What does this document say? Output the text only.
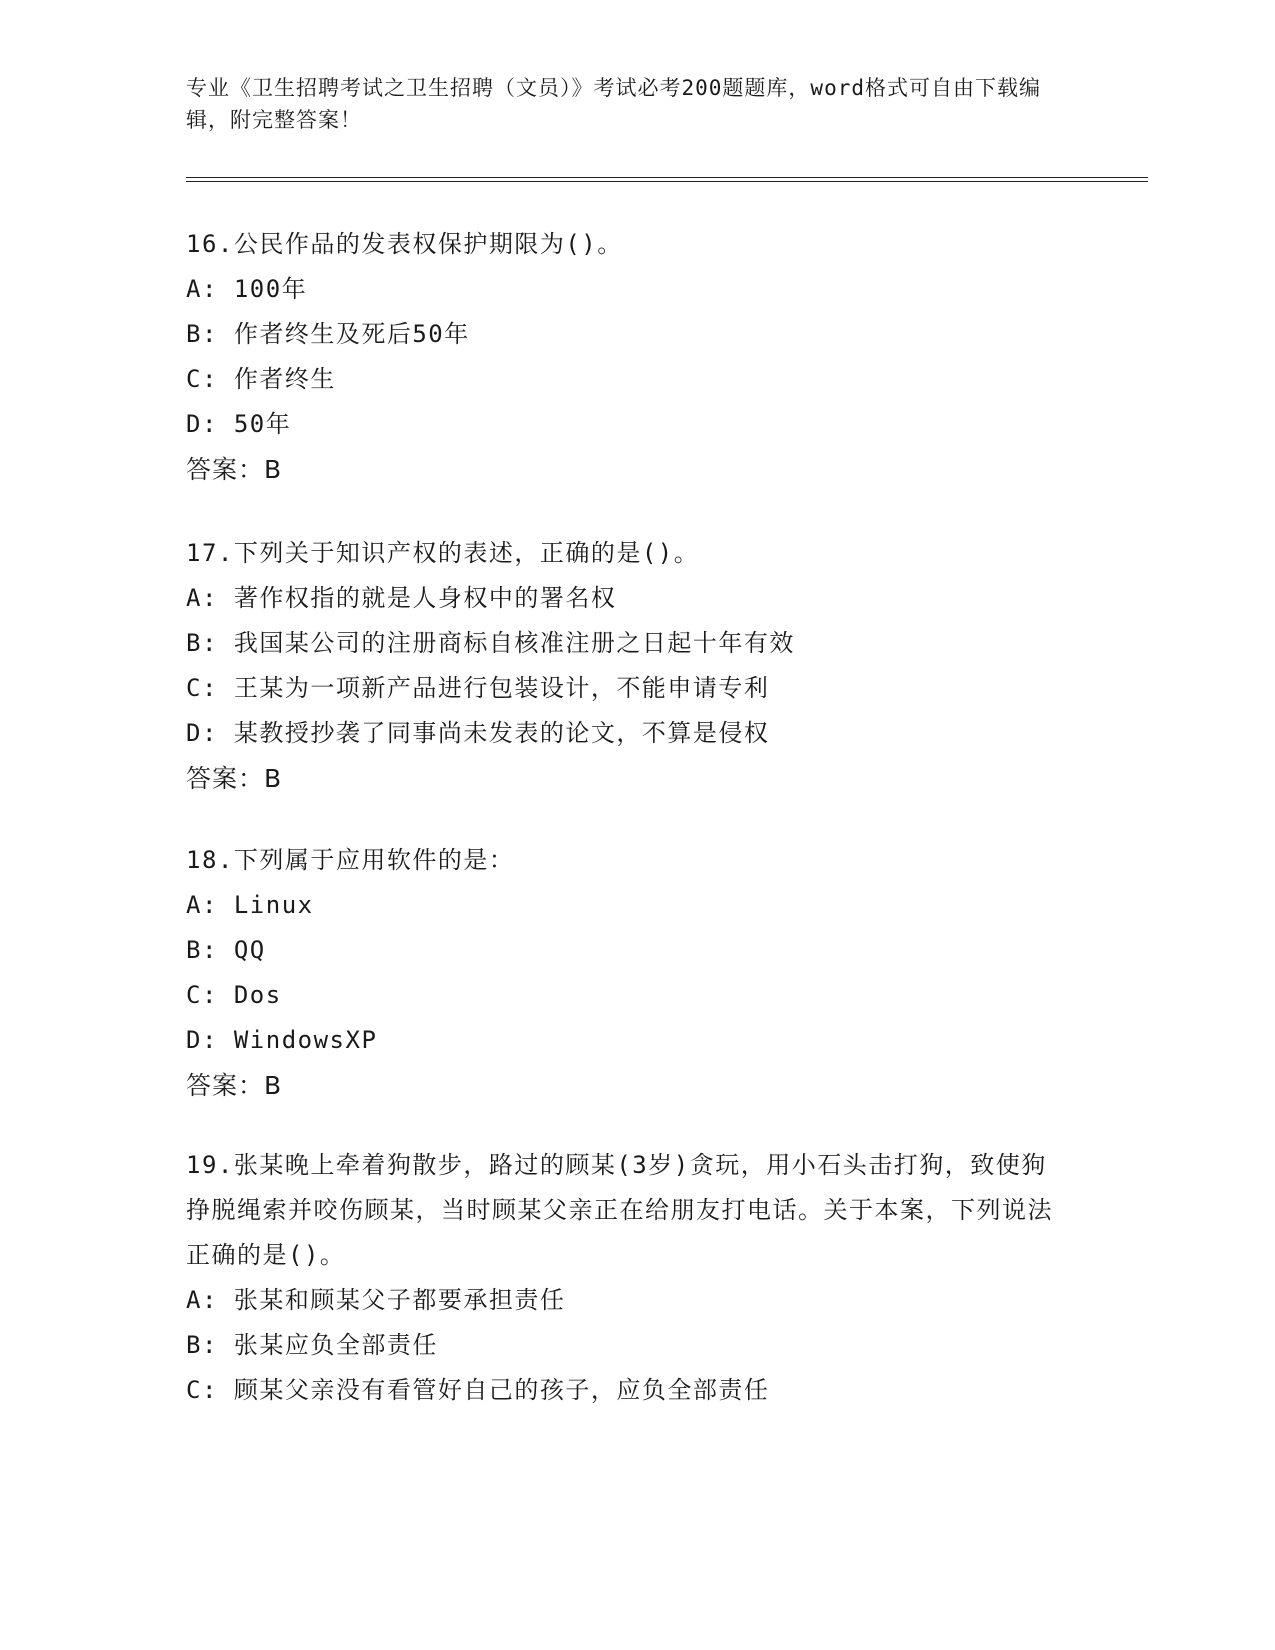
专业《卫生招聘考试之卫生招聘（文员）》考试必考200题题库，word格式可自由下载编辑，附完整答案！
16.公民作品的发表权保护期限为()。
A: 100年
B: 作者终生及死后50年
C: 作者终生
D: 50年
答案：B
17.下列关于知识产权的表述，正确的是()。
A: 著作权指的就是人身权中的署名权
B: 我国某公司的注册商标自核准注册之日起十年有效
C: 王某为一项新产品进行包装设计，不能申请专利
D: 某教授抄袭了同事尚未发表的论文，不算是侵权
答案：B
18.下列属于应用软件的是：
A: Linux
B: QQ
C: Dos
D: WindowsXP
答案：B
19.张某晚上牵着狗散步，路过的顾某(3岁)贪玩，用小石头击打狗，致使狗挣脱绳索并咬伤顾某，当时顾某父亲正在给朋友打电话。关于本案，下列说法正确的是()。
A: 张某和顾某父子都要承担责任
B: 张某应负全部责任
C: 顾某父亲没有看管好自己的孩子，应负全部责任
